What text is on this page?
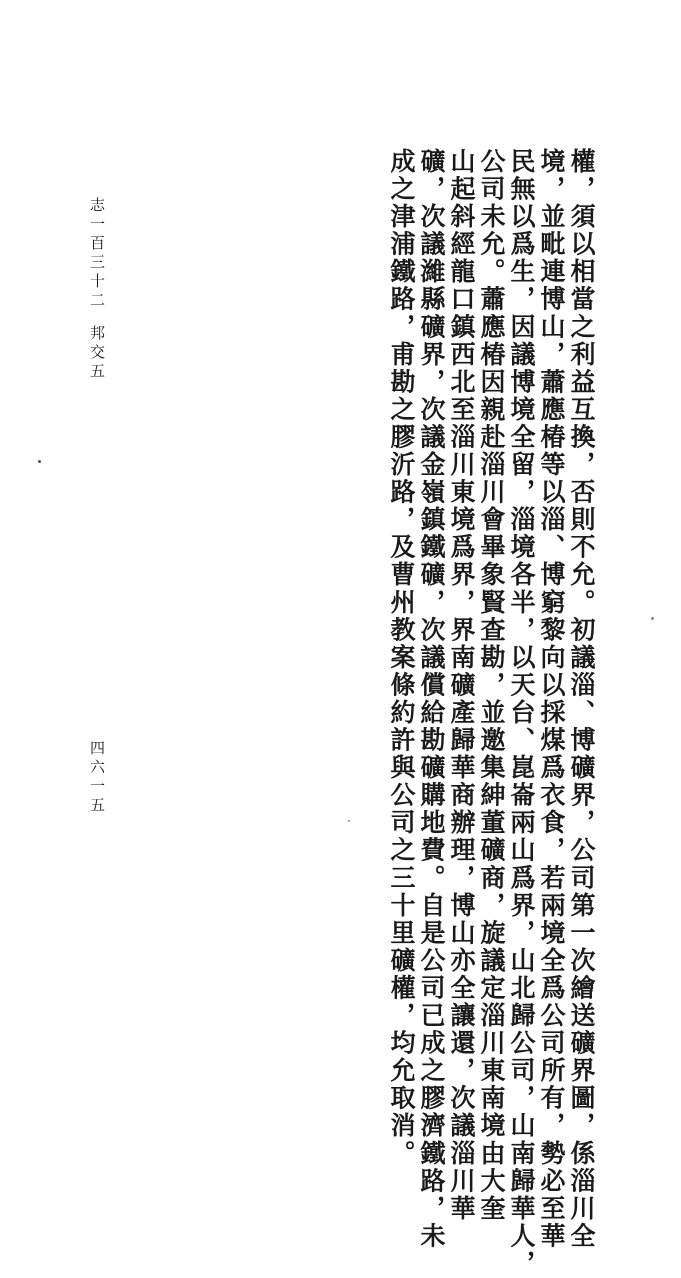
權，須以相當之利益互換，否則不允。初議淄、博礦界，公司第一次繪送礦界圖，係淄川全
境，並毗連博山，蕭應椿等以淄、博窮黎向以採煤爲衣食，若兩境全爲公司所有，勢必至華
民無以爲生，因議博境全留，淄境各半，以天台、崑崙兩山爲界，山北歸公司，山南歸華人，
公司未允。蕭應椿因親赴淄川會畢象賢查勘，並邀集紳董礦商，旋議定淄川東南境由大奎
山起斜經龍口鎮西北至淄川東境爲界，界南礦產歸華商辦理，博山亦全讓還，次議淄川華
礦，次議濰縣礦界，次議金嶺鎮鐵礦，次議償給勘礦購地費。自是公司已成之膠濟鐵路，未
成之津浦鐵路，甫勘之膠沂路，及曹州教案條約許與公司之三十里礦權，均允取消。
志一百三十二
邦交五
四六一五
